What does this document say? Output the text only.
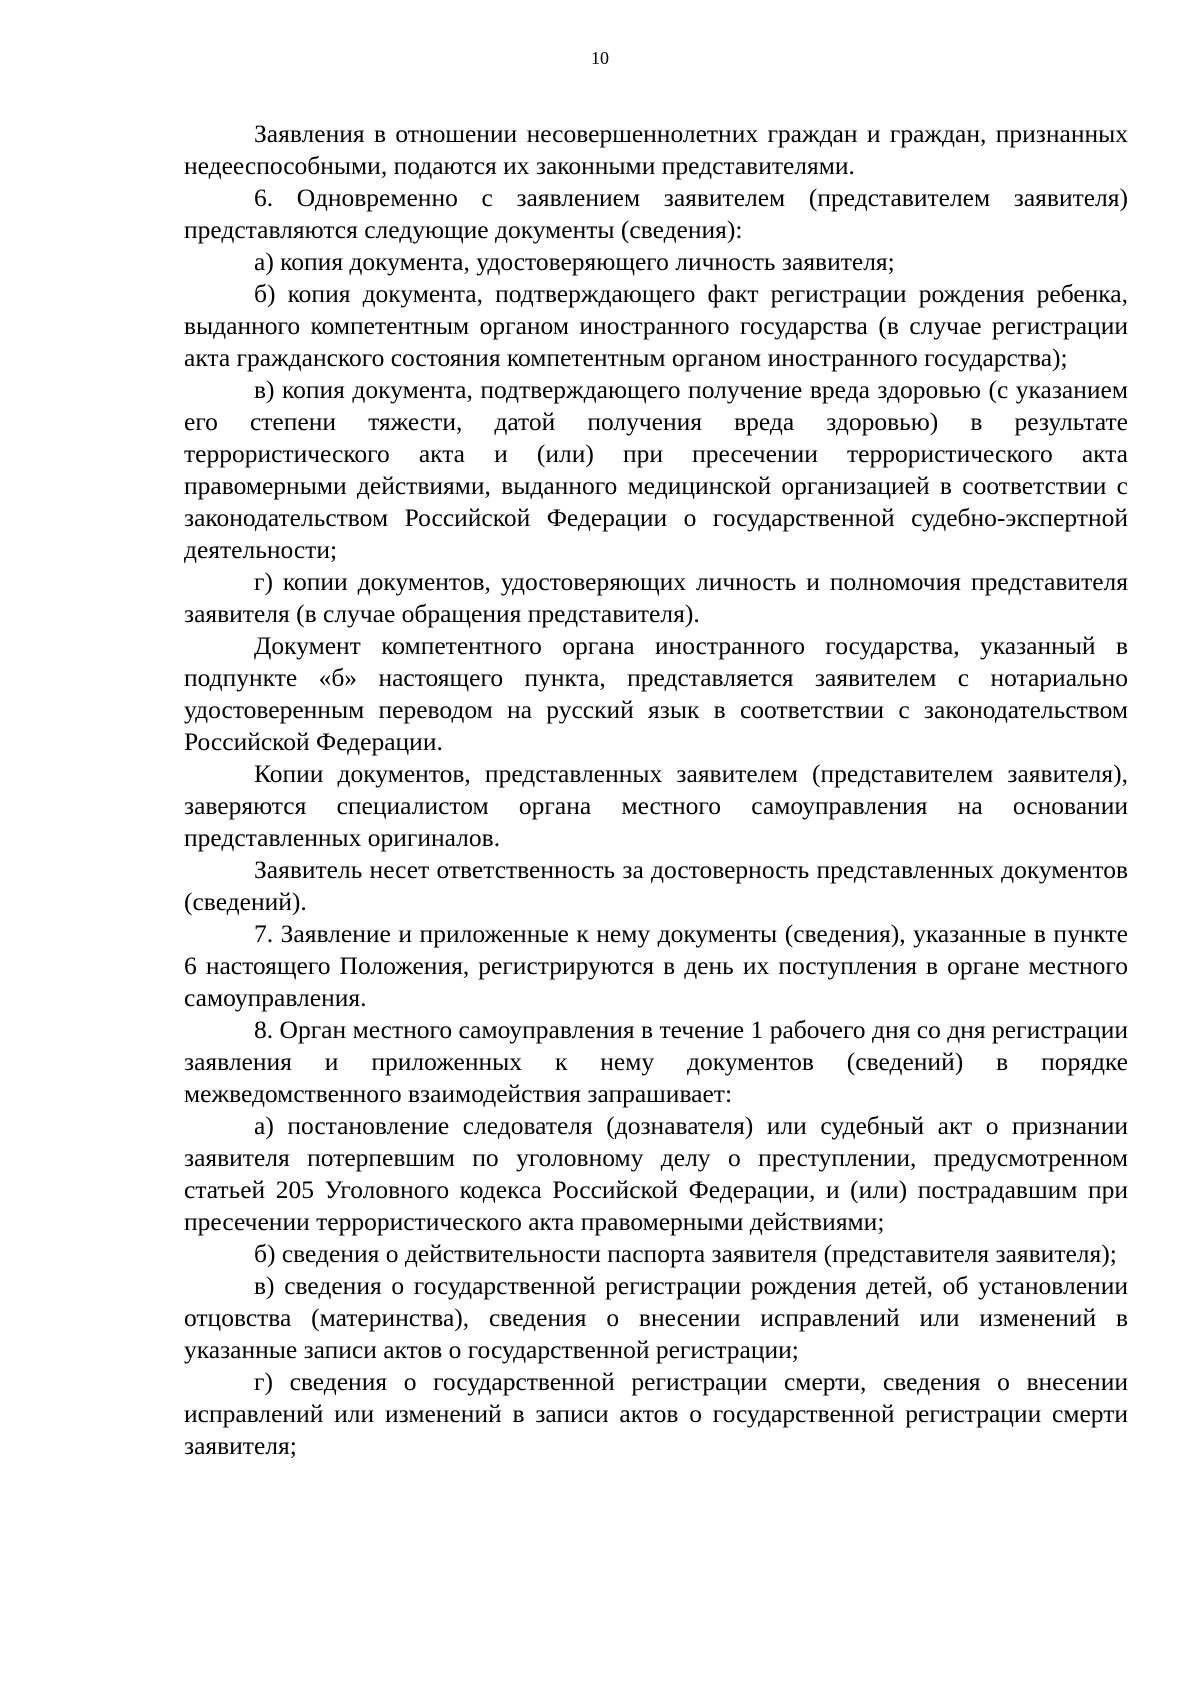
10

Заявления в отношении несовершеннолетних граждан и граждан, признанных недееспособными, подаются их законными представителями.

6. Одновременно с заявлением заявителем (представителем заявителя) представляются следующие документы (сведения):

а) копия документа, удостоверяющего личность заявителя;

б) копия документа, подтверждающего факт регистрации рождения ребенка, выданного компетентным органом иностранного государства (в случае регистрации акта гражданского состояния компетентным органом иностранного государства);

в) копия документа, подтверждающего получение вреда здоровью (с указанием его степени тяжести, датой получения вреда здоровью) в результате террористического акта и (или) при пресечении террористического акта правомерными действиями, выданного медицинской организацией в соответствии с законодательством Российской Федерации о государственной судебно-экспертной деятельности;

г) копии документов, удостоверяющих личность и полномочия представителя заявителя (в случае обращения представителя).

Документ компетентного органа иностранного государства, указанный в подпункте «б» настоящего пункта, представляется заявителем с нотариально удостоверенным переводом на русский язык в соответствии с законодательством Российской Федерации.

Копии документов, представленных заявителем (представителем заявителя), заверяются специалистом органа местного самоуправления на основании представленных оригиналов.

Заявитель несет ответственность за достоверность представленных документов (сведений).

7. Заявление и приложенные к нему документы (сведения), указанные в пункте 6 настоящего Положения, регистрируются в день их поступления в органе местного самоуправления.

8. Орган местного самоуправления в течение 1 рабочего дня со дня регистрации заявления и приложенных к нему документов (сведений) в порядке межведомственного взаимодействия запрашивает:

а) постановление следователя (дознавателя) или судебный акт о признании заявителя потерпевшим по уголовному делу о преступлении, предусмотренном статьей 205 Уголовного кодекса Российской Федерации, и (или) пострадавшим при пресечении террористического акта правомерными действиями;

б) сведения о действительности паспорта заявителя (представителя заявителя);

в) сведения о государственной регистрации рождения детей, об установлении отцовства (материнства), сведения о внесении исправлений или изменений в указанные записи актов о государственной регистрации;

г) сведения о государственной регистрации смерти, сведения о внесении исправлений или изменений в записи актов о государственной регистрации смерти заявителя;
